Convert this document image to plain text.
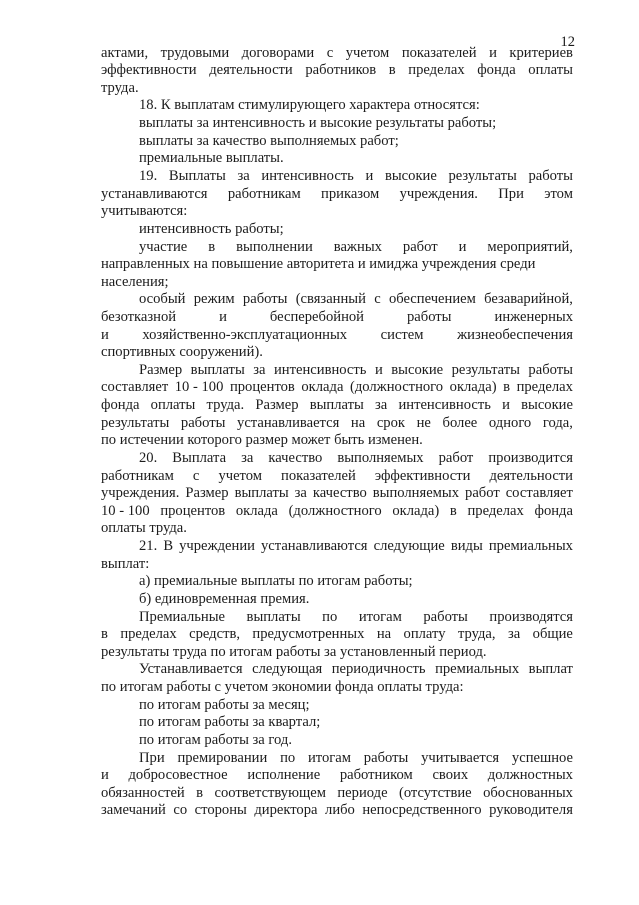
12
актами, трудовыми договорами с учетом показателей и критериев
эффективности деятельности работников в пределах фонда оплаты
труда.
18. К выплатам стимулирующего характера относятся:
выплаты за интенсивность и высокие результаты работы;
выплаты за качество выполняемых работ;
премиальные выплаты.
19. Выплаты за интенсивность и высокие результаты работы
устанавливаются работникам приказом учреждения. При этом
учитываются:
интенсивность работы;
участие в выполнении важных работ и мероприятий,
направленных на повышение авторитета и имиджа учреждения среди
населения;
особый режим работы (связанный с обеспечением безаварийной,
безотказной	и	бесперебойной	работы	инженерных
и хозяйственно-эксплуатационных систем жизнеобеспечения
спортивных сооружений).
Размер выплаты за интенсивность и высокие результаты работы
составляет 10 - 100 процентов оклада (должностного оклада) в пределах
фонда оплаты труда. Размер выплаты за интенсивность и высокие
результаты работы устанавливается на срок не более одного года,
по истечении которого размер может быть изменен.
20. Выплата за качество выполняемых работ производится
работникам с учетом показателей эффективности деятельности
учреждения. Размер выплаты за качество выполняемых работ составляет
10 - 100 процентов оклада (должностного оклада) в пределах фонда
оплаты труда.
21. В учреждении устанавливаются следующие виды премиальных
выплат:
а) премиальные выплаты по итогам работы;
б) единовременная премия.
Премиальные выплаты по итогам работы производятся
в пределах средств, предусмотренных на оплату труда, за общие
результаты труда по итогам работы за установленный период.
Устанавливается следующая периодичность премиальных выплат
по итогам работы с учетом экономии фонда оплаты труда:
по итогам работы за месяц;
по итогам работы за квартал;
по итогам работы за год.
При премировании по итогам работы учитывается успешное
и добросовестное исполнение работником своих должностных
обязанностей в соответствующем периоде (отсутствие обоснованных
замечаний со стороны директора либо непосредственного руководителя
